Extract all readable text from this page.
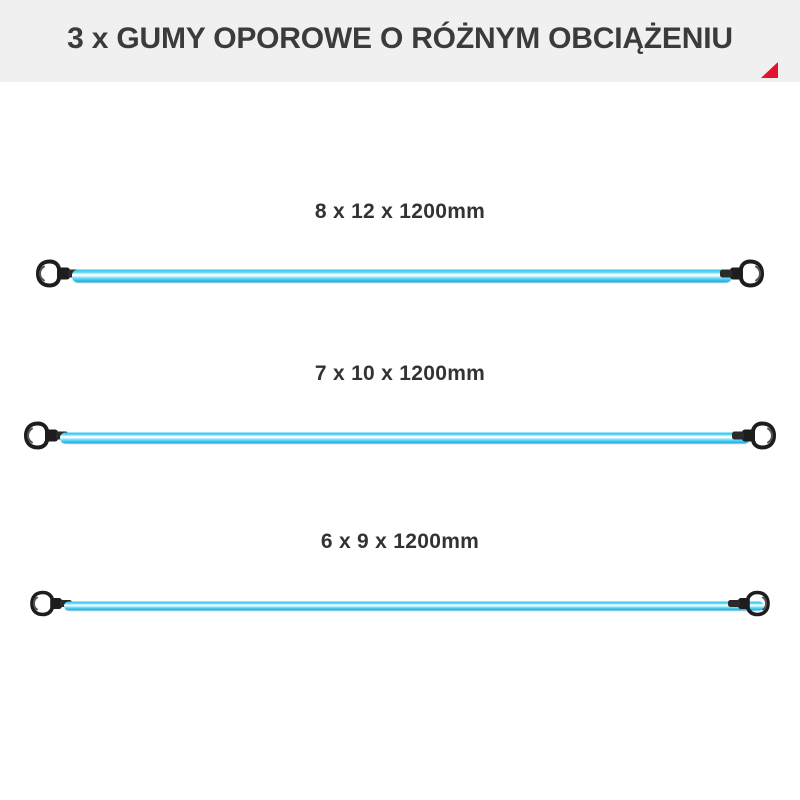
3 x GUMY OPOROWE O RÓŻNYM OBCIĄŻENIU
8 x 12 x 1200mm
7 x 10 x 1200mm
6 x 9 x 1200mm
